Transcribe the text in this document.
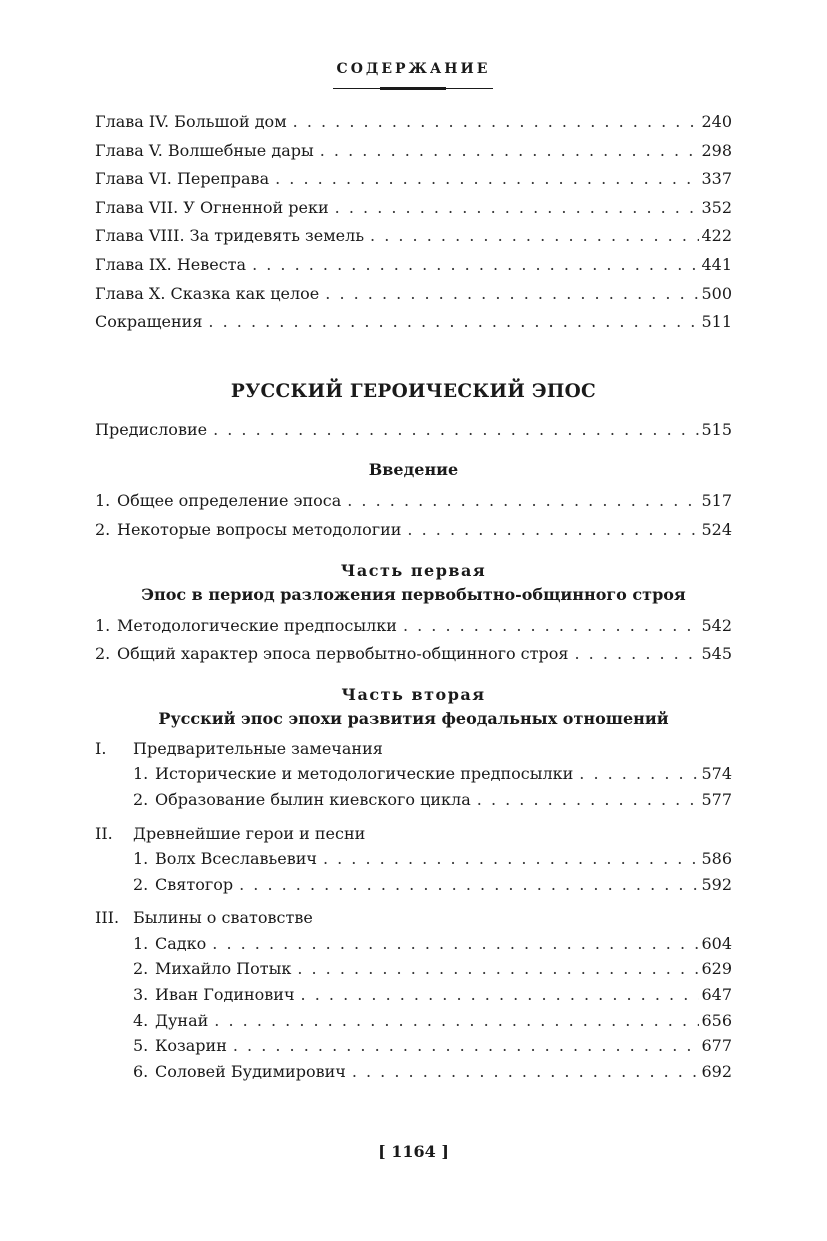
СОДЕРЖАНИЕ
Глава IV. Большой дом . . .	240
Глава V. Волшебные дары . . .	298
Глава VI. Переправа . . .	337
Глава VII. У Огненной реки . . .	352
Глава VIII. За тридевять земель . . .	422
Глава IX. Невеста . . .	441
Глава X. Сказка как целое . . .	500
Сокращения . . .	511
РУССКИЙ ГЕРОИЧЕСКИЙ ЭПОС
Предисловие . . .	515
Введение
1. Общее определение эпоса . . .	517
2. Некоторые вопросы методологии . . .	524
Часть первая
Эпос в период разложения первобытно-общинного строя
1. Методологические предпосылки . . .	542
2. Общий характер эпоса первобытно-общинного строя . . .	545
Часть вторая
Русский эпос эпохи развития феодальных отношений
I.	Предварительные замечания
1. Исторические и методологические предпосылки . . .	574
2. Образование былин киевского цикла . . .	577
II.	Древнейшие герои и песни
1. Волх Всеславьевич . . .	586
2. Святогор . . .	592
III. Былины о сватовстве
1. Садко . . .	604
2. Михайло Потык . . .	629
3. Иван Годинович . . .	647
4. Дунай . . .	656
5. Козарин . . .	677
6. Соловей Будимирович . . .	692
[ 1164 ]
